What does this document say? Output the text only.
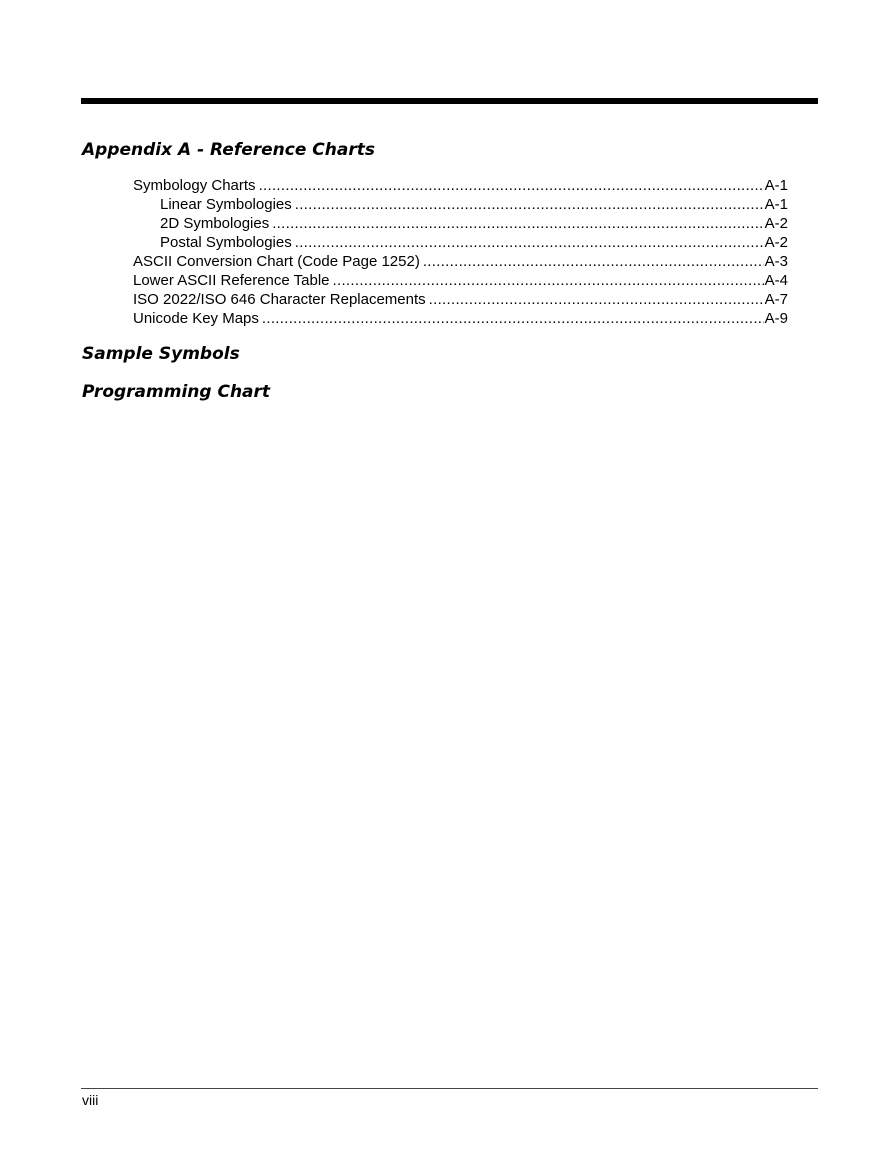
Appendix A - Reference Charts
Symbology Charts .....	A-1
Linear Symbologies .....	A-1
2D Symbologies .....	A-2
Postal Symbologies .....	A-2
ASCII Conversion Chart (Code Page 1252) .....	A-3
Lower ASCII Reference Table .....	A-4
ISO 2022/ISO 646 Character Replacements .....	A-7
Unicode Key Maps .....	A-9
Sample Symbols
Programming Chart
viii
